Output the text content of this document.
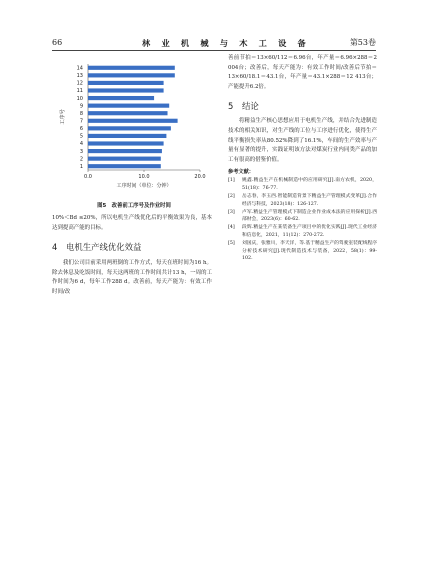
66	林 业 机 械 与 木 工 设 备	第53卷
1
2
3
4
5
6
7
8
9
10
11
12
13
14
0.0	10.0	20.0
工序时间（单位：分钟）
工序号
图5　改善前工序号及作业时间

10%＜Bd ≤20%，所以电机生产线优化后的平衡效果为良，基本达到提高产能的目标。

4 电机生产线优化效益

我们公司目前采用两班倒的工作方式，每天在班时间为16 h。除去休息及吃饭时间，每天这两班的工作时间共计13 h，一周的工作时间为6 d，每年工作288 d。改善前，每天产能为：有效工作时间/改

善前节拍＝13×60/112＝6.96台，年产量＝6.96×288＝2 004台；改善后，每天产能为：有效工作时间/改善后节拍＝13×60/18.1＝43.1台，年产量＝43.1×288＝12 413台；产能提升6.2倍。

5 结论

将精益生产核心思想应用于电机生产线，并结合先进制造技术的相关知识，对生产线的工位与工序进行优化，使得生产线平衡损失率从80.52%降到了16.1%，车间的生产效率与产量有显著的提升，实践证明该方法对煤炭行业内同类产品的加工有很高的借鉴价值。

参考文献：
[1] 姚鑫.精益生产在机械制造中的应用研究[J].南方农机，2020，51(18)：76-77.
[2] 岳志春，李玉西.智能制造背景下精益生产管理模式变革[J].合作经济与科技，2023(18)：126-127.
[3] 卢军.精益生产管理模式下制造企业作业成本法的应用探析[J].西部财会，2023(6)：60-62.
[4] 段辉.精益生产在某装备生产项目中的优化实践[J].现代工业经济和信息化，2021，11(12)：270-272.
[5] 刘国庆，张雅川，李天洋，等.基于精益生产的驾驶室装配线程序分析技术研究[J].现代制造技术与装备，2022，58(1)：99-102.
